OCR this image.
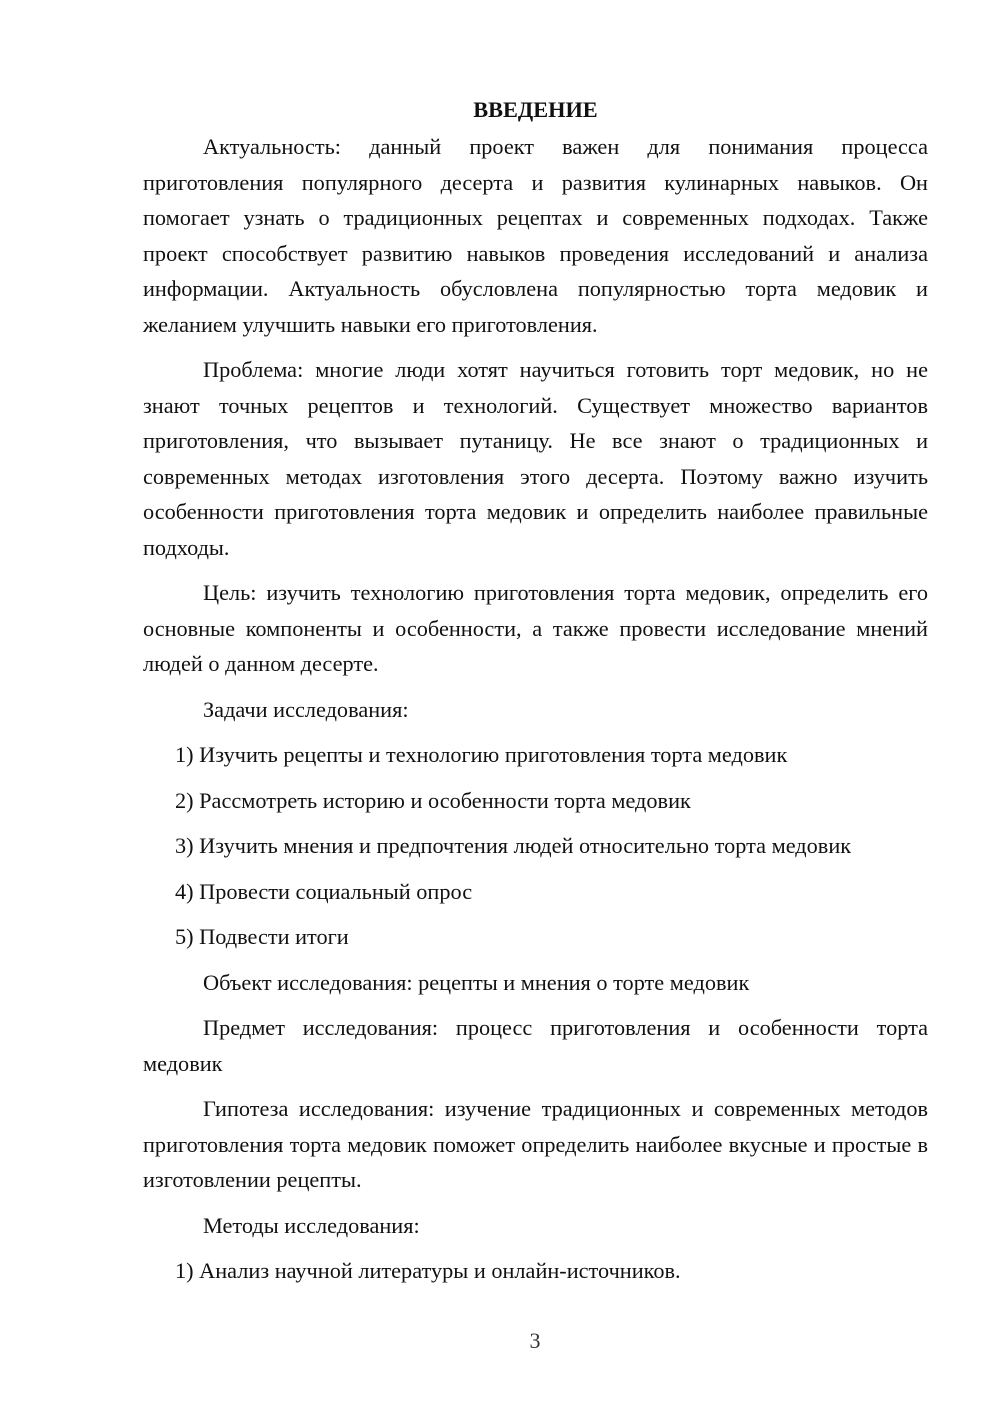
ВВЕДЕНИЕ

Актуальность: данный проект важен для понимания процесса приготовления популярного десерта и развития кулинарных навыков. Он помогает узнать о традиционных рецептах и современных подходах. Также проект способствует развитию навыков проведения исследований и анализа информации. Актуальность обусловлена популярностью торта медовик и желанием улучшить навыки его приготовления.

Проблема: многие люди хотят научиться готовить торт медовик, но не знают точных рецептов и технологий. Существует множество вариантов приготовления, что вызывает путаницу. Не все знают о традиционных и современных методах изготовления этого десерта. Поэтому важно изучить особенности приготовления торта медовик и определить наиболее правильные подходы.

Цель: изучить технологию приготовления торта медовик, определить его основные компоненты и особенности, а также провести исследование мнений людей о данном десерте.

Задачи исследования:

1) Изучить рецепты и технологию приготовления торта медовик

2) Рассмотреть историю и особенности торта медовик

3) Изучить мнения и предпочтения людей относительно торта медовик

4) Провести социальный опрос

5) Подвести итоги

Объект исследования: рецепты и мнения о торте медовик

Предмет исследования: процесс приготовления и особенности торта медовик

Гипотеза исследования: изучение традиционных и современных методов приготовления торта медовик поможет определить наиболее вкусные и простые в изготовлении рецепты.

Методы исследования:

1) Анализ научной литературы и онлайн-источников.

3
